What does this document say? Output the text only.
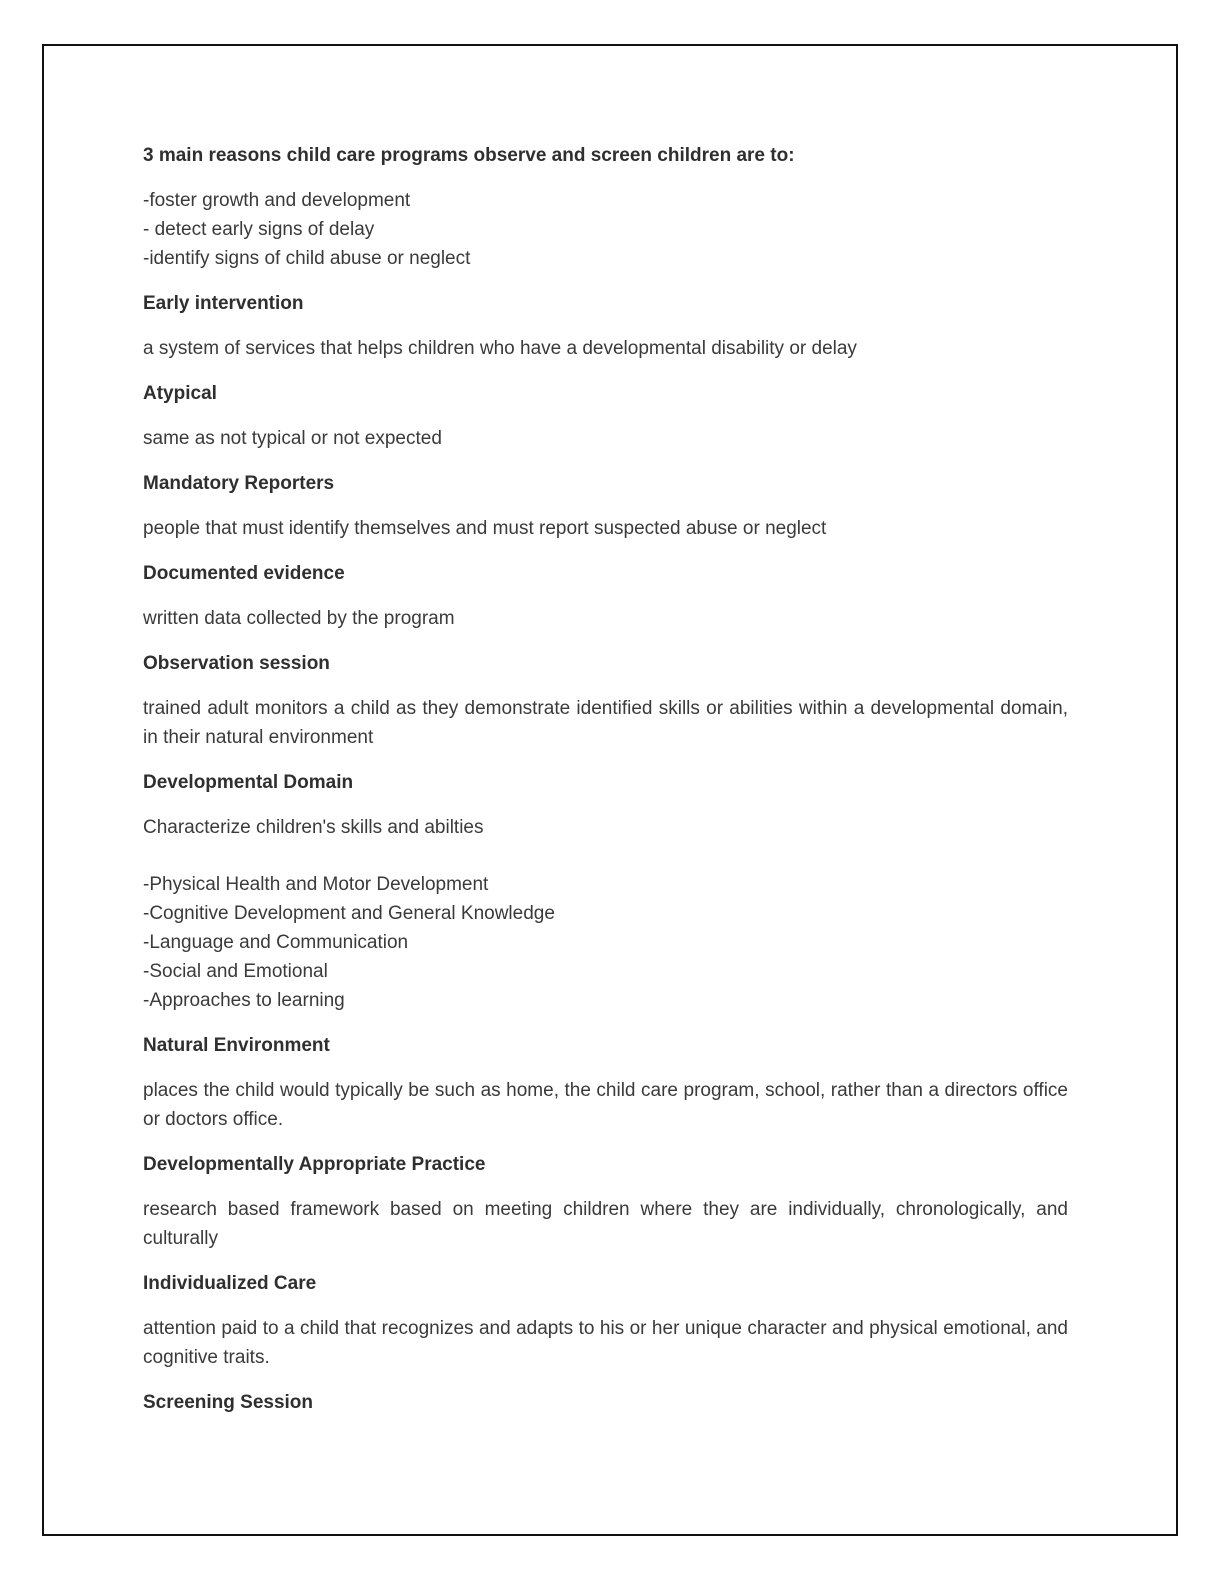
3 main reasons child care programs observe and screen children are to:
-foster growth and development
- detect early signs of delay
-identify signs of child abuse or neglect
Early intervention
a system of services that helps children who have a developmental disability or delay
Atypical
same as not typical or not expected
Mandatory Reporters
people that must identify themselves and must report suspected abuse or neglect
Documented evidence
written data collected by the program
Observation session
trained adult monitors a child as they demonstrate identified skills or abilities within a developmental domain, in their natural environment
Developmental Domain
Characterize children's skills and abilties
-Physical Health and Motor Development
-Cognitive Development and General Knowledge
-Language and Communication
-Social and Emotional
-Approaches to learning
Natural Environment
places the child would typically be such as home, the child care program, school, rather than a directors office or doctors office.
Developmentally Appropriate Practice
research based framework based on meeting children where they are individually, chronologically, and culturally
Individualized Care
attention paid to a child that recognizes and adapts to his or her unique character and physical emotional, and cognitive traits.
Screening Session
